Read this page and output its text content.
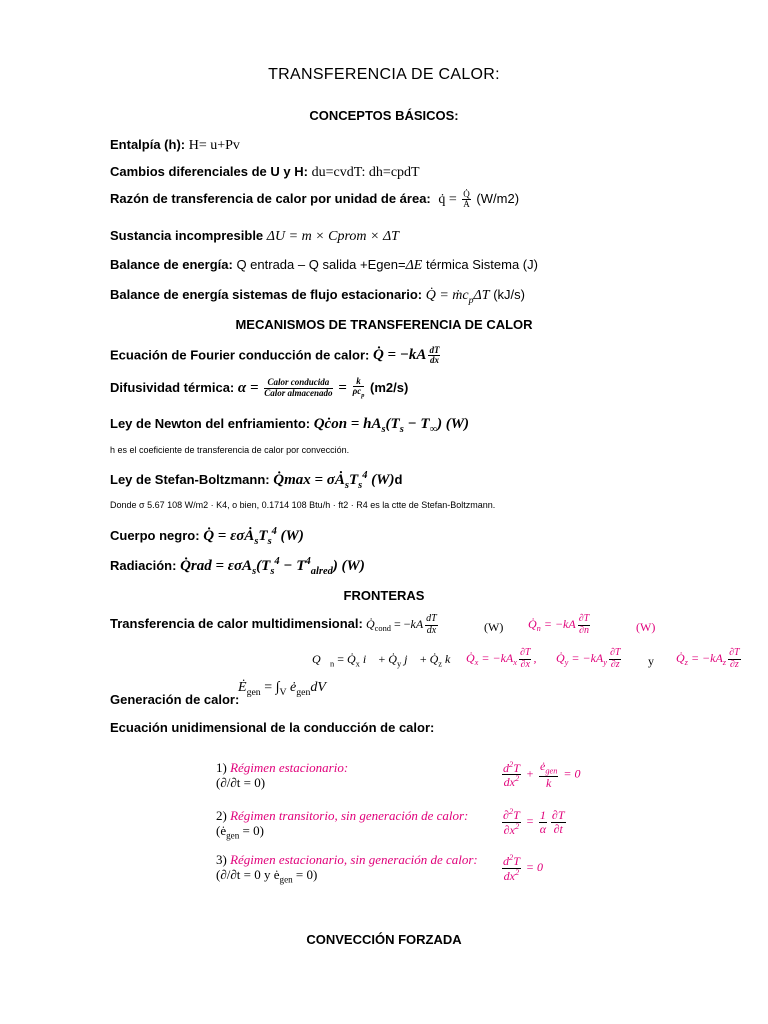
TRANSFERENCIA DE CALOR:
CONCEPTOS BÁSICOS:
Entalpía (h): H= u+Pv
Cambios diferenciales de U y H: du=cvdT: dh=cpdT
Razón de transferencia de calor por unidad de área: q̇ = $\frac{Q̇}{A} (W/m2)$
Sustancia incompresible ΔU = m × Cprom × ΔT
Balance de energía: Q entrada – Q salida +Egen=ΔE térmica Sistema (J)
Balance de energía sistemas de flujo estacionario: Q̇ = ṁc$_p$ΔT (kJ/s)
MECANISMOS DE TRANSFERENCIA DE CALOR
Ecuación de Fourier conducción de calor: Q̇ = $-kA \frac{dT}{dx}$
Difusividad térmica: $\alpha = \frac{\text{Calor conducida}}{\text{Calor almacenado}} = \frac{k}{\rho c_p} (m2/s)$
Ley de Newton del enfriamiento: Qċon = $hA_s(T_s - T_\infty)$ (W)
h es el coeficiente de transferencia de calor por convección.
Ley de Stefan-Boltzmann: Q̇max = $\sigma Ȧ_sT_s^4$ (W)d
Donde σ 5.67 108 W/m2 · K4, o bien, 0.1714 108 Btu/h · ft2 · R4 es la ctte de Stefan-Boltzmann.
Cuerpo negro: Q̇ = $\varepsilon\sigma Ȧ_sT_s^4$ (W)
Radiación: Q̇rad = $\varepsilon\sigma A_s(T_s^4 - T^4_{alred})$ (W)
FRONTERAS
Transferencia de calor multidimensional: $Q̇_{cond} = -kA \frac{dT}{dx}$	(W) $Q̇_n = -kA \frac{\partial T}{\partial n}$	(W)
$Q⃗_n$ = $Q̇_x$ i⃗ + $Q̇_y$ j⃗ + $Q̇_z$ k⃗ $Q̇_x = -kA_x \frac{\partial T}{\partial x}$ , $Q̇_y = -kA_y \frac{\partial T}{\partial z}$ y $Q̇_z = -kA_z \frac{\partial T}{\partial z}$
Generación de calor:
$Ė_{gen} = \int_V$ $ė_{gen}dV$
Ecuación unidimensional de la conducción de calor:
1) Régimen estacionario:
(∂/∂t = 0)	$\frac{d^2T}{dx^2} + \frac{ė_{gen}}{k} = 0$
2) Régimen transitorio, sin generación de calor:
$(ė_{gen} = 0)$	$\frac{\partial^2T}{\partial x^2} = \frac{1}{\alpha} \frac{\partial T}{\partial t}$
3) Régimen estacionario, sin generación de calor:
(∂/∂t = 0 y $ė_{gen} = 0$)	$\frac{d^2T}{dx^2} = 0$
CONVECCIÓN FORZADA
